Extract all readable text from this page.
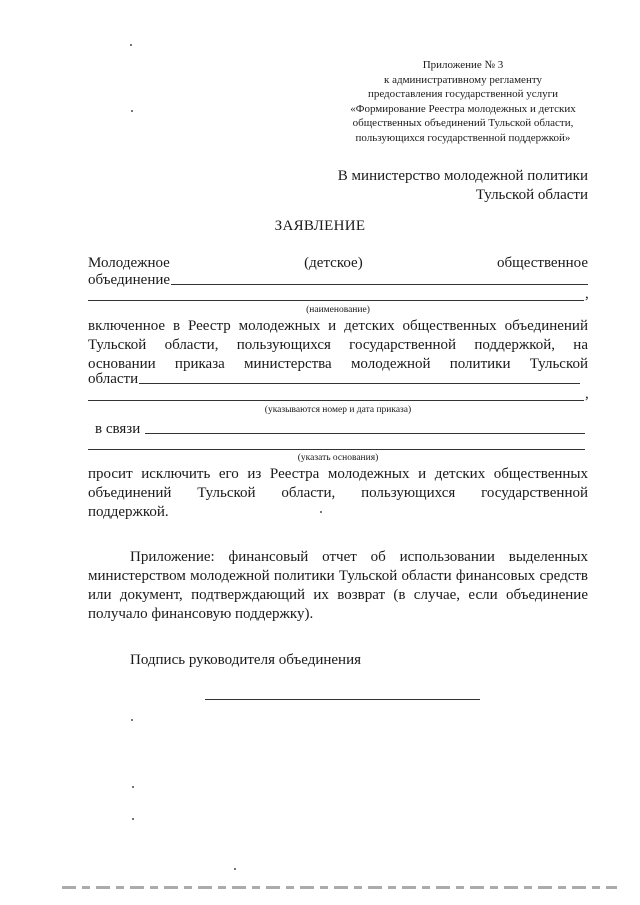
Приложение № 3
к административному регламенту
предоставления государственной услуги
«Формирование Реестра молодежных и детских
общественных объединений Тульской области,
пользующихся государственной поддержкой»
В министерство молодежной политики
Тульской области
ЗАЯВЛЕНИЕ
Молодежное	(детское)	общественное
объединение
,
(наименование)
включенное в Реестр молодежных и детских общественных объединений
Тульской области, пользующихся государственной поддержкой, на
основании приказа министерства молодежной политики Тульской
области
,
(указываются номер и дата приказа)
в связи
(указать основания)
просит исключить его из Реестра молодежных и детских общественных
объединений Тульской области, пользующихся государственной
поддержкой.
Приложение: финансовый отчет об использовании выделенных
министерством молодежной политики Тульской области финансовых средств
или документ, подтверждающий их возврат (в случае, если объединение
получало финансовую поддержку).
Подпись руководителя объединения
